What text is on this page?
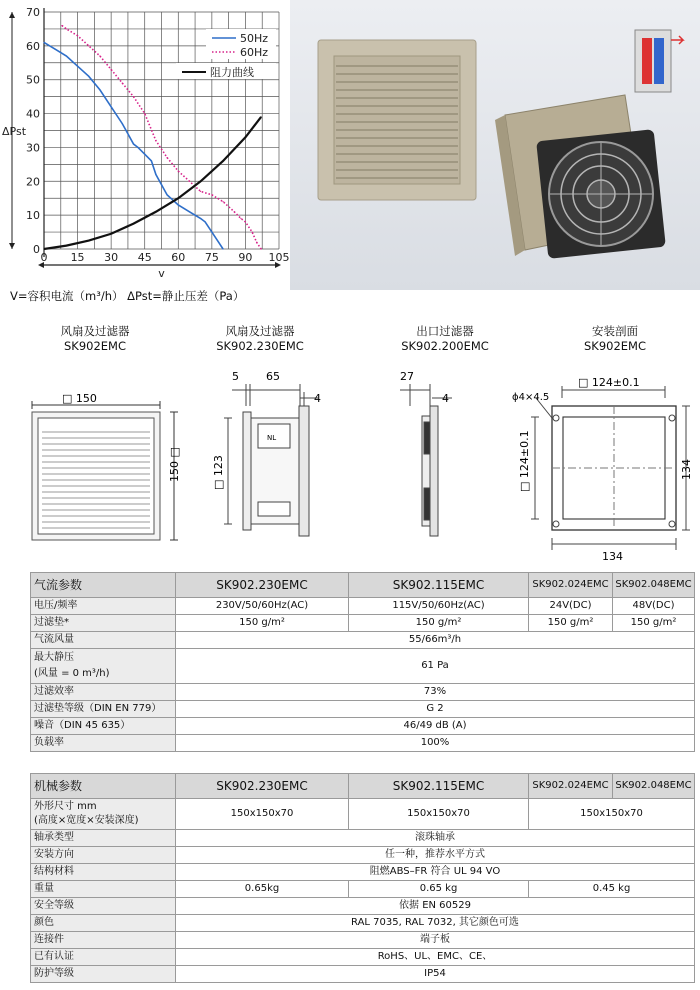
0 15 30 45 60 75 90 105
0
10
20
30
40
50
60
70
v
ΔPst
50Hz
60Hz
阻力曲线
V=容积电流（m³/h） ΔPst=静止压差（Pa）
风扇及过滤器
SK902EMC
风扇及过滤器
SK902.230EMC
出口过滤器
SK902.200EMC
安装剖面
SK902EMC
□ 150
150 □
5 65
4
□ 123
NL
27
4	ϕ4×4.5
□ 124±0.1
□ 124±0.1	134
134
气流参数	SK902.230EMC	SK902.115EMC	SK902.024EMC	SK902.048EMC
电压/频率	230V/50/60Hz(AC)	115V/50/60Hz(AC)	24V(DC)	48V(DC)
过滤垫*	150 g/m²	150 g/m²	150 g/m²	150 g/m²
气流风量	55/66m³/h			

最大静压
(风量 = 0 m³/h)	61 Pa			
过滤效率	73%			
过滤垫等级（DIN EN 779）	G 2			
噪音（DIN 45 635）	46/49 dB (A)			
负载率	100%			
机械参数	SK902.230EMC	SK902.115EMC	SK902.024EMC	SK902.048EMC

外形尺寸 mm
(高度×宽度×安装深度)	150x150x70	150x150x70	150x150x70	
轴承类型	滚珠轴承			
安装方向	任一种，推荐水平方式			
结构材料	阻燃ABS–FR 符合 UL 94 VO			
重量	0.65kg	0.65 kg	0.45 kg	
安全等级	依据 EN 60529			
颜色	RAL 7035, RAL 7032, 其它颜色可选			
连接件	端子板			
已有认证	RoHS、UL、EMC、CE、			
防护等级	IP54			
